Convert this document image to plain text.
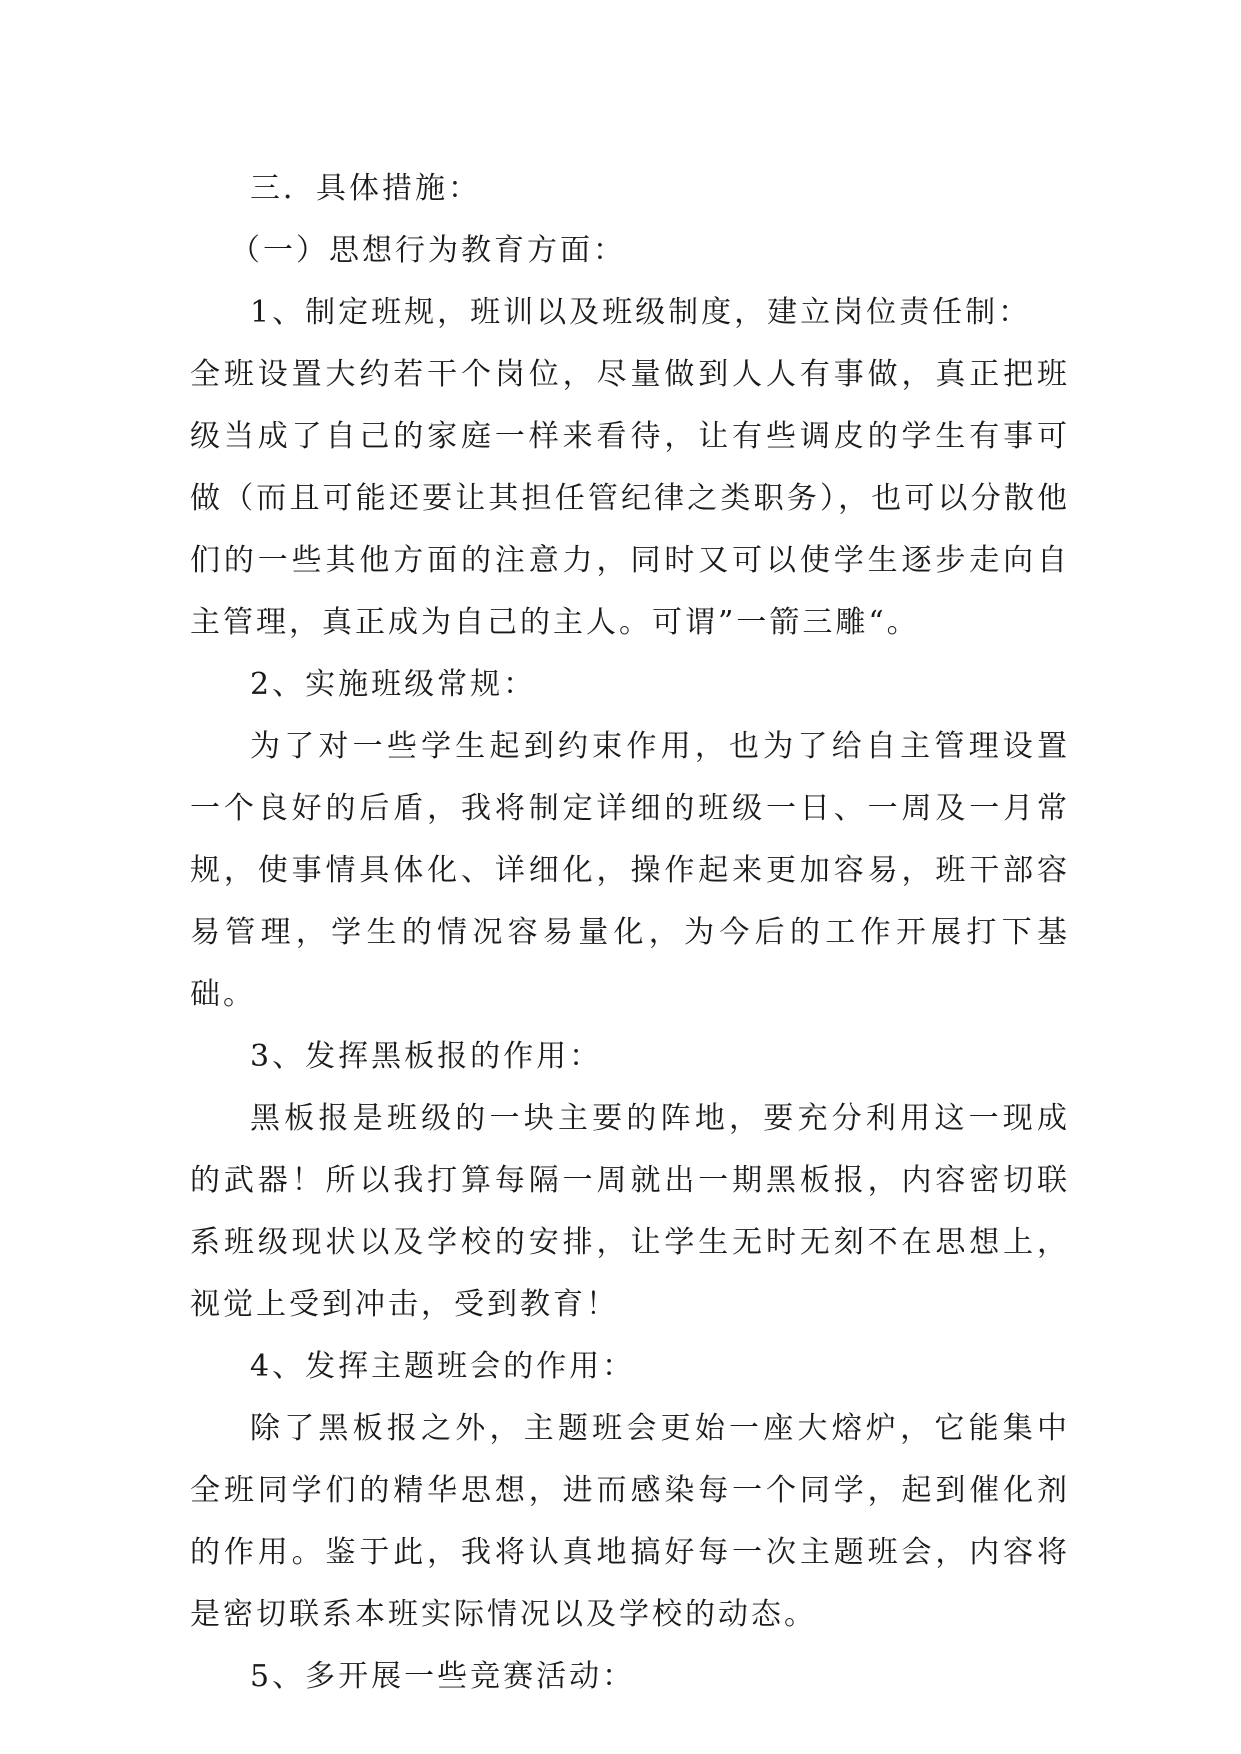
三．具体措施：

（一）思想行为教育方面：

1、制定班规，班训以及班级制度，建立岗位责任制：

全班设置大约若干个岗位，尽量做到人人有事做，真正把班级当成了自己的家庭一样来看待，让有些调皮的学生有事可做（而且可能还要让其担任管纪律之类职务），也可以分散他们的一些其他方面的注意力，同时又可以使学生逐步走向自主管理，真正成为自己的主人。可谓”一箭三雕“。

2、实施班级常规：

为了对一些学生起到约束作用，也为了给自主管理设置一个良好的后盾，我将制定详细的班级一日、一周及一月常规，使事情具体化、详细化，操作起来更加容易，班干部容易管理，学生的情况容易量化，为今后的工作开展打下基础。

3、发挥黑板报的作用：

黑板报是班级的一块主要的阵地，要充分利用这一现成的武器！所以我打算每隔一周就出一期黑板报，内容密切联系班级现状以及学校的安排，让学生无时无刻不在思想上，视觉上受到冲击，受到教育！

4、发挥主题班会的作用：

除了黑板报之外，主题班会更始一座大熔炉，它能集中全班同学们的精华思想，进而感染每一个同学，起到催化剂的作用。鉴于此，我将认真地搞好每一次主题班会，内容将是密切联系本班实际情况以及学校的动态。

5、多开展一些竞赛活动：
